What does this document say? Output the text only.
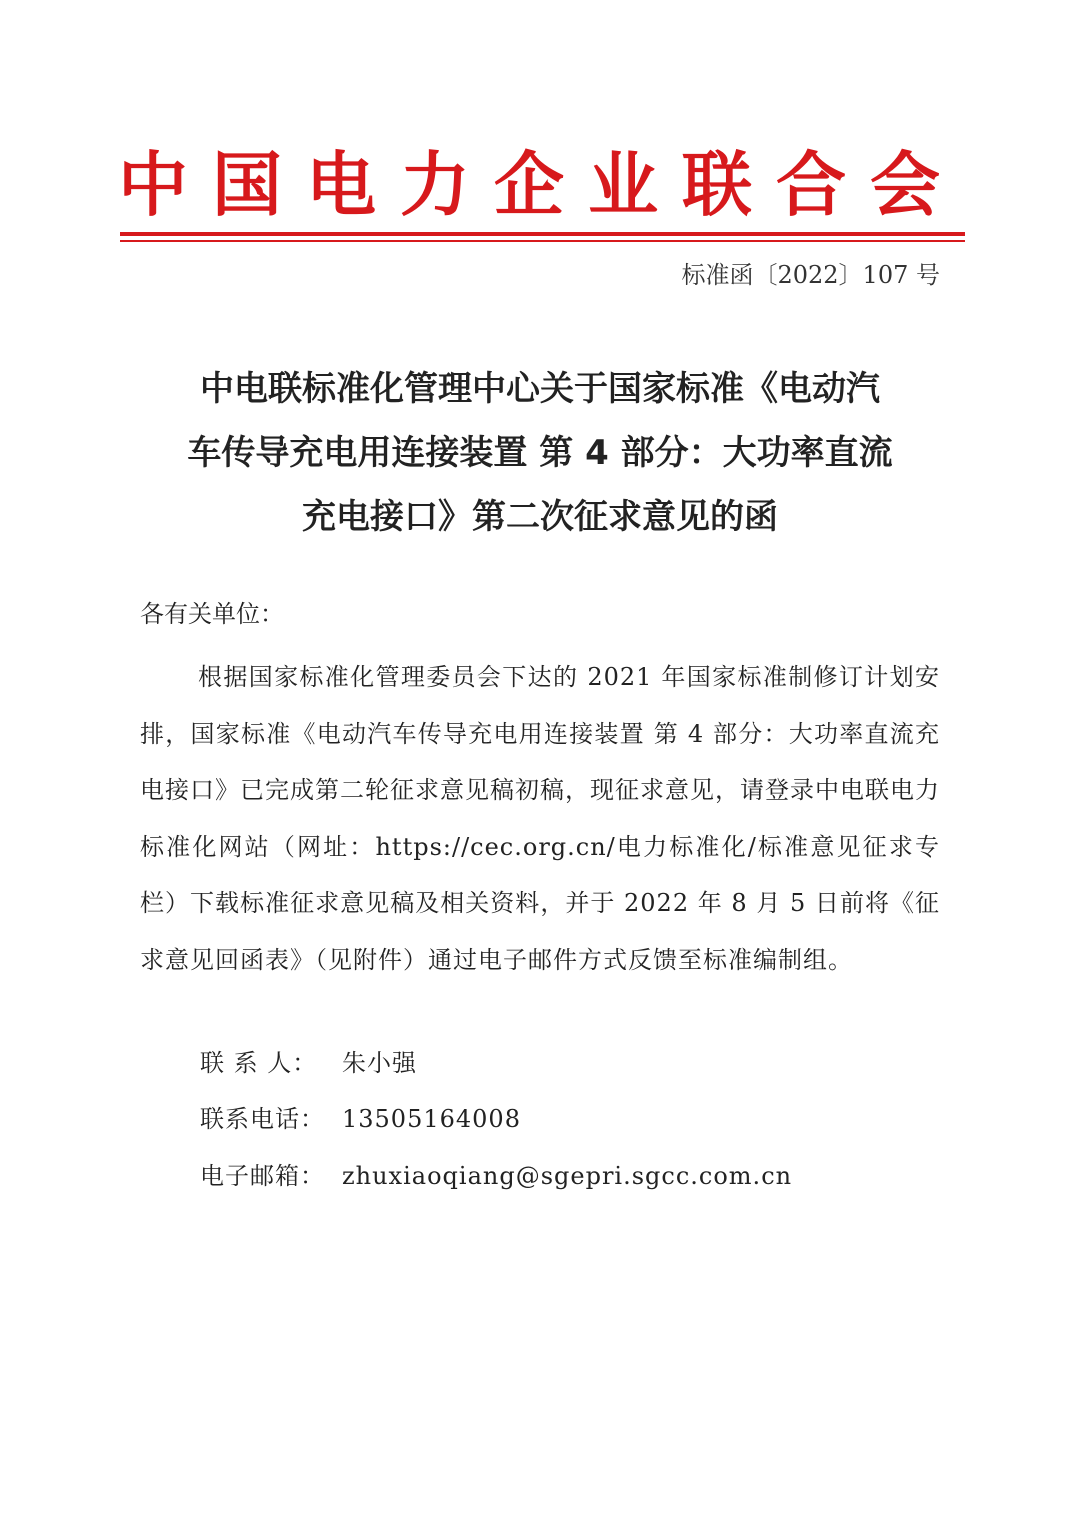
中国电力企业联合会
标准函〔2022〕107 号
中电联标准化管理中心关于国家标准《电动汽
车传导充电用连接装置 第 4 部分：大功率直流
充电接口》第二次征求意见的函
各有关单位：
根据国家标准化管理委员会下达的 2021 年国家标准制修订计划安排，国家标准《电动汽车传导充电用连接装置 第 4 部分：大功率直流充电接口》已完成第二轮征求意见稿初稿，现征求意见，请登录中电联电力标准化网站（网址：https://cec.org.cn/电力标准化/标准意见征求专栏）下载标准征求意见稿及相关资料，并于 2022 年 8 月 5 日前将《征求意见回函表》（见附件）通过电子邮件方式反馈至标准编制组。
联 系 人： 朱小强
联系电话： 13505164008
电子邮箱： zhuxiaoqiang@sgepri.sgcc.com.cn
